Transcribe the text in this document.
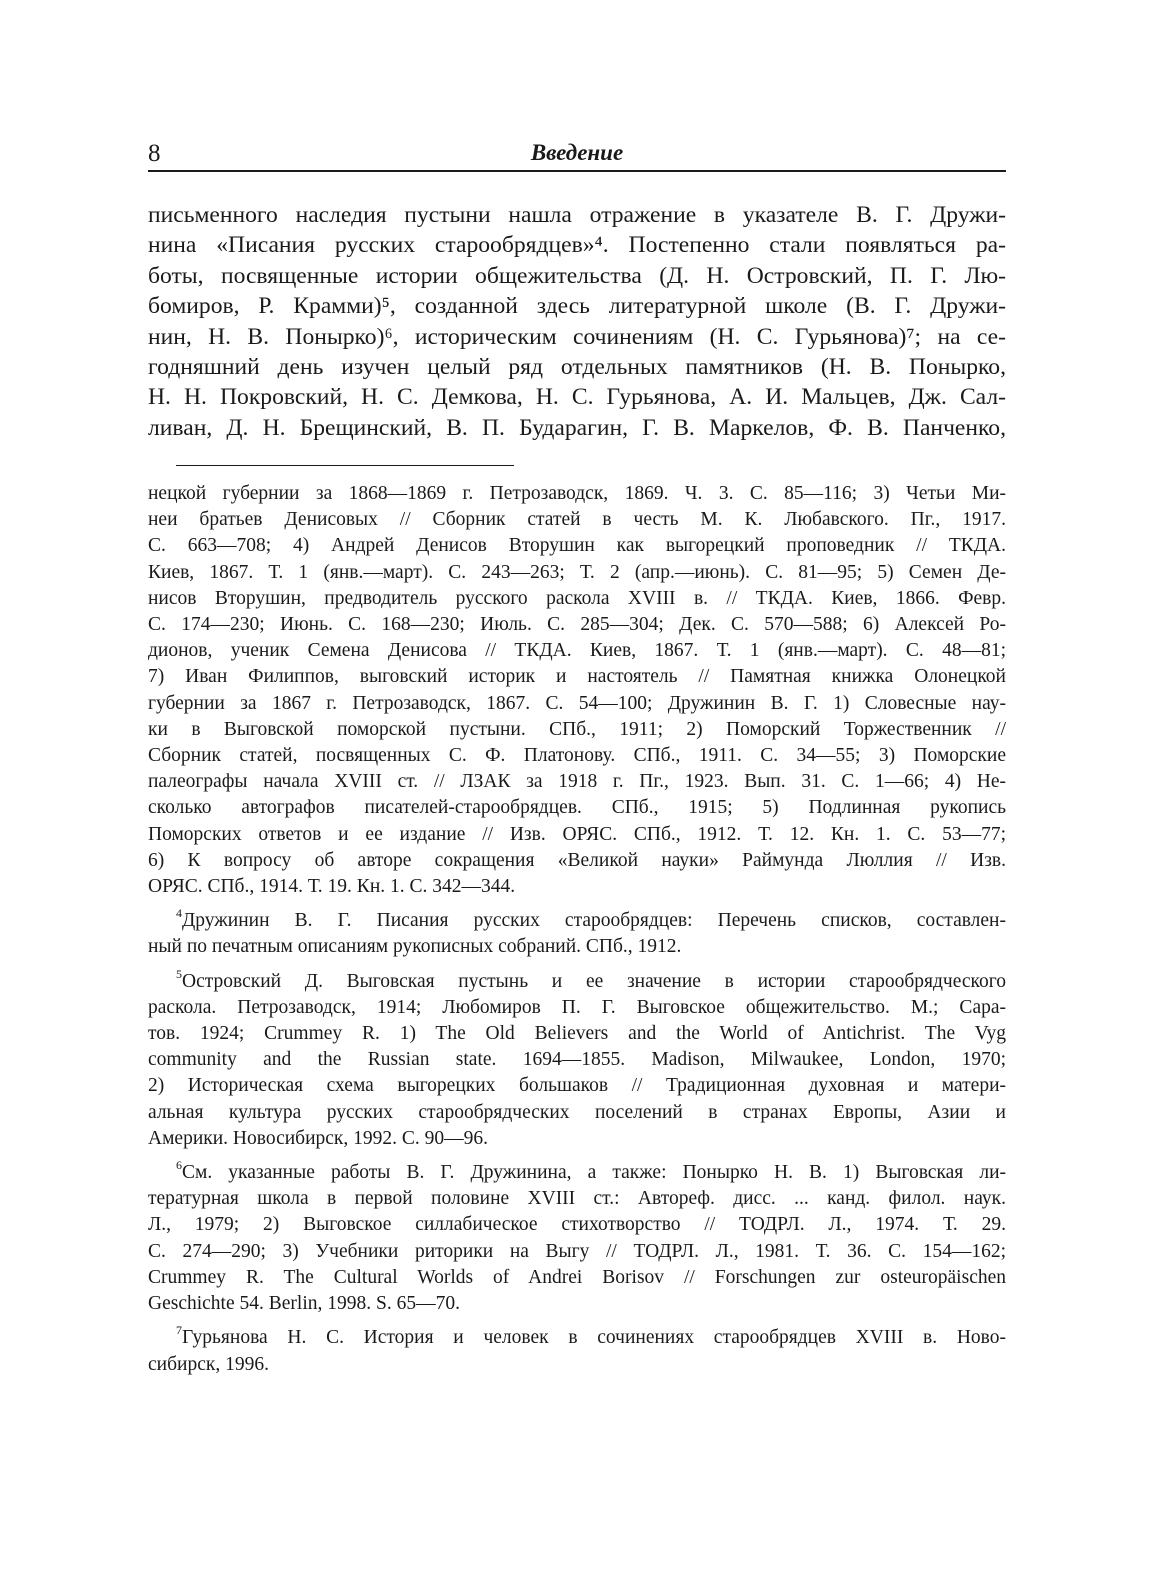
8	Введение
письменного наследия пустыни нашла отражение в указателе В. Г. Дружи-
нина «Писания русских старообрядцев»⁴. Постепенно стали появляться ра-
боты, посвященные истории общежительства (Д. Н. Островский, П. Г. Лю-
бомиров, Р. Крамми)⁵, созданной здесь литературной школе (В. Г. Дружи-
нин, Н. В. Понырко)⁶, историческим сочинениям (Н. С. Гурьянова)⁷; на се-
годняшний день изучен целый ряд отдельных памятников (Н. В. Понырко,
Н. Н. Покровский, Н. С. Демкова, Н. С. Гурьянова, А. И. Мальцев, Дж. Сал-
ливан, Д. Н. Брещинский, В. П. Бударагин, Г. В. Маркелов, Ф. В. Панченко,
нецкой губернии за 1868—1869 г. Петрозаводск, 1869. Ч. 3. С. 85—116; 3) Четьи Ми-
неи братьев Денисовых // Сборник статей в честь М. К. Любавского. Пг., 1917.
С. 663—708; 4) Андрей Денисов Вторушин как выгорецкий проповедник // ТКДА.
Киев, 1867. Т. 1 (янв.—март). С. 243—263; Т. 2 (апр.—июнь). С. 81—95; 5) Семен Де-
нисов Вторушин, предводитель русского раскола XVIII в. // ТКДА. Киев, 1866. Февр.
С. 174—230; Июнь. С. 168—230; Июль. С. 285—304; Дек. С. 570—588; 6) Алексей Ро-
дионов, ученик Семена Денисова // ТКДА. Киев, 1867. Т. 1 (янв.—март). С. 48—81;
7) Иван Филиппов, выговский историк и настоятель // Памятная книжка Олонецкой
губернии за 1867 г. Петрозаводск, 1867. С. 54—100; Дружинин В. Г. 1) Словесные нау-
ки в Выговской поморской пустыни. СПб., 1911; 2) Поморский Торжественник //
Сборник статей, посвященных С. Ф. Платонову. СПб., 1911. С. 34—55; 3) Поморские
палеографы начала XVIII ст. // ЛЗАК за 1918 г. Пг., 1923. Вып. 31. С. 1—66; 4) Не-
сколько автографов писателей-старообрядцев. СПб., 1915; 5) Подлинная рукопись
Поморских ответов и ее издание // Изв. ОРЯС. СПб., 1912. Т. 12. Кн. 1. С. 53—77;
6) К вопросу об авторе сокращения «Великой науки» Раймунда Люллия // Изв.
ОРЯС. СПб., 1914. Т. 19. Кн. 1. С. 342—344.
$^4$Дружинин В. Г. Писания русских старообрядцев: Перечень списков, составлен-
ный по печатным описаниям рукописных собраний. СПб., 1912.
$^5$Островский Д. Выговская пустынь и ее значение в истории старообрядческого
раскола. Петрозаводск, 1914; Любомиров П. Г. Выговское общежительство. М.; Сара-
тов. 1924; Crummey R. 1) The Old Believers and the World of Antichrist. The Vyg
community and the Russian state. 1694—1855. Madison, Milwaukee, London, 1970;
2) Историческая схема выгорецких большаков // Традиционная духовная и матери-
альная культура русских старообрядческих поселений в странах Европы, Азии и
Америки. Новосибирск, 1992. С. 90—96.
$^6$См. указанные работы В. Г. Дружинина, а также: Понырко Н. В. 1) Выговская ли-
тературная школа в первой половине XVIII ст.: Автореф. дисс. ... канд. филол. наук.
Л., 1979; 2) Выговское силлабическое стихотворство // ТОДРЛ. Л., 1974. Т. 29.
С. 274—290; 3) Учебники риторики на Выгу // ТОДРЛ. Л., 1981. Т. 36. С. 154—162;
Crummey R. The Cultural Worlds of Andrei Borisov // Forschungen zur osteuropäischen
Geschichte 54. Berlin, 1998. S. 65—70.
$^7$Гурьянова Н. С. История и человек в сочинениях старообрядцев XVIII в. Ново-
сибирск, 1996.
